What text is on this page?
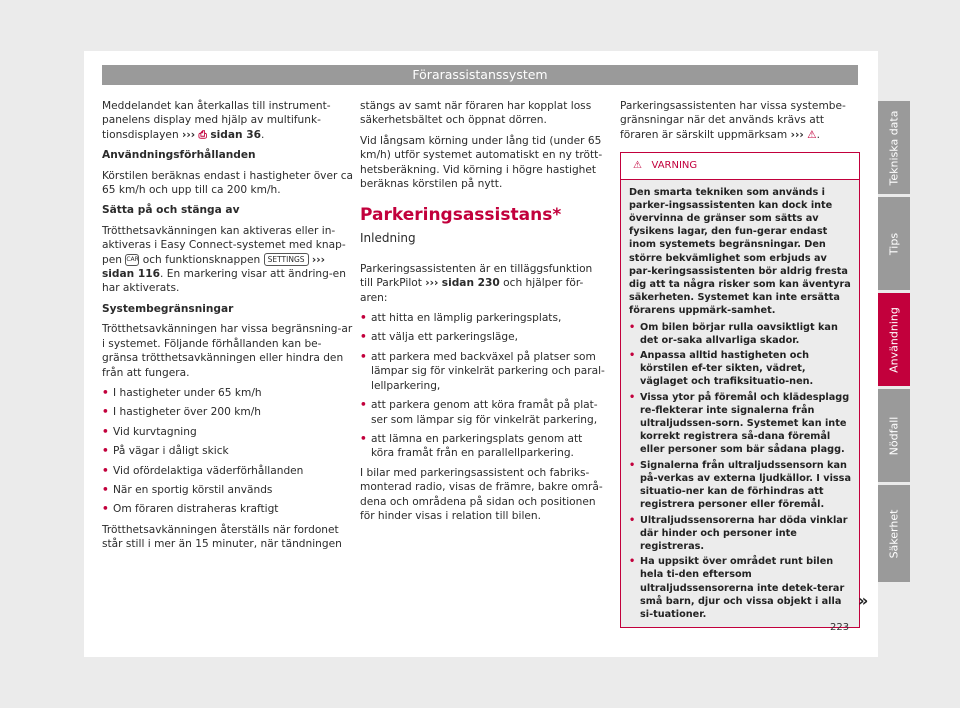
Förarassistanssystem

Meddelandet kan återkallas till instrument-panelens display med hjälp av multifunk-tionsdisplayen ››› ⎙ sidan 36.

Användningsförhållanden

Körstilen beräknas endast i hastigheter över ca 65 km/h och upp till ca 200 km/h.

Sätta på och stänga av

Trötthetsavkänningen kan aktiveras eller in-aktiveras i Easy Connect-systemet med knap-pen CAR och funktionsknappen SETTINGS ››› sidan 116. En markering visar att ändring-en har aktiverats.

Systembegränsningar

Trötthetsavkänningen har vissa begränsning-ar i systemet. Följande förhållanden kan be-gränsa trötthetsavkänningen eller hindra den från att fungera.

• I hastigheter under 65 km/h

• I hastigheter över 200 km/h

• Vid kurvtagning

• På vägar i dåligt skick

• Vid ofördelaktiga väderförhållanden

• När en sportig körstil används

• Om föraren distraheras kraftigt

Trötthetsavkänningen återställs när fordonet står still i mer än 15 minuter, när tändningen

stängs av samt när föraren har kopplat loss säkerhetsbältet och öppnat dörren.

Vid långsam körning under lång tid (under 65 km/h) utför systemet automatiskt en ny trött-hetsberäkning. Vid körning i högre hastighet beräknas körstilen på nytt.

Parkeringsassistans*
Inledning

Parkeringsassistenten är en tilläggsfunktion till ParkPilot ››› sidan 230 och hjälper för-aren:

• att hitta en lämplig parkeringsplats,

• att välja ett parkeringsläge,

• att parkera med backväxel på platser som lämpar sig för vinkelrät parkering och paral-lellparkering,

• att parkera genom att köra framåt på plat-ser som lämpar sig för vinkelrät parkering,

• att lämna en parkeringsplats genom att köra framåt från en parallellparkering.

I bilar med parkeringsassistent och fabriks-monterad radio, visas de främre, bakre områ-dena och områdena på sidan och positionen för hinder visas i relation till bilen.

Parkeringsassistenten har vissa systembe-gränsningar när det används krävs att föraren är särskilt uppmärksam ››› ⚠.

⚠ VARNING

Den smarta tekniken som används i parker-ingsassistenten kan dock inte övervinna de gränser som sätts av fysikens lagar, den fun-gerar endast inom systemets begränsningar. Den större bekvämlighet som erbjuds av par-keringsassistenten bör aldrig fresta dig att ta några risker som kan äventyra säkerheten. Systemet kan inte ersätta förarens uppmärk-samhet.

• Om bilen börjar rulla oavsiktligt kan det or-saka allvarliga skador.

• Anpassa alltid hastigheten och körstilen ef-ter sikten, vädret, väglaget och trafiksituatio-nen.

• Vissa ytor på föremål och klädesplagg re-flekterar inte signalerna från ultraljudssen-sorn. Systemet kan inte korrekt registrera så-dana föremål eller personer som bär sådana plagg.

• Signalerna från ultraljudssensorn kan på-verkas av externa ljudkällor. I vissa situatio-ner kan de förhindras att registrera personer eller föremål.

• Ultraljudssensorerna har döda vinklar där hinder och personer inte registreras.

• Ha uppsikt över området runt bilen hela ti-den eftersom ultraljudssensorerna inte detek-terar små barn, djur och vissa objekt i alla si-tuationer.

»
223
Tekniska data
Tips
Användning
Nödfall
Säkerhet
